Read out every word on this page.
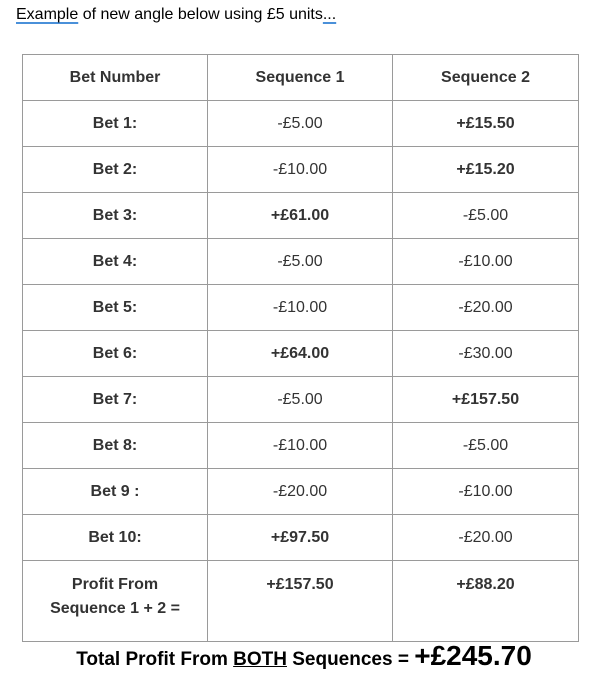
Example of new angle below using £5 units...
Bet Number	Sequence 1	Sequence 2
Bet 1:	-£5.00	+£15.50
Bet 2:	-£10.00	+£15.20
Bet 3:	+£61.00	-£5.00
Bet 4:	-£5.00	-£10.00
Bet 5:	-£10.00	-£20.00
Bet 6:	+£64.00	-£30.00
Bet 7:	-£5.00	+£157.50
Bet 8:	-£10.00	-£5.00
Bet 9 :	-£20.00	-£10.00
Bet 10:	+£97.50	-£20.00
Profit From
Sequence 1 + 2 =	+£157.50	+£88.20
Total Profit From BOTH Sequences = +£245.70
